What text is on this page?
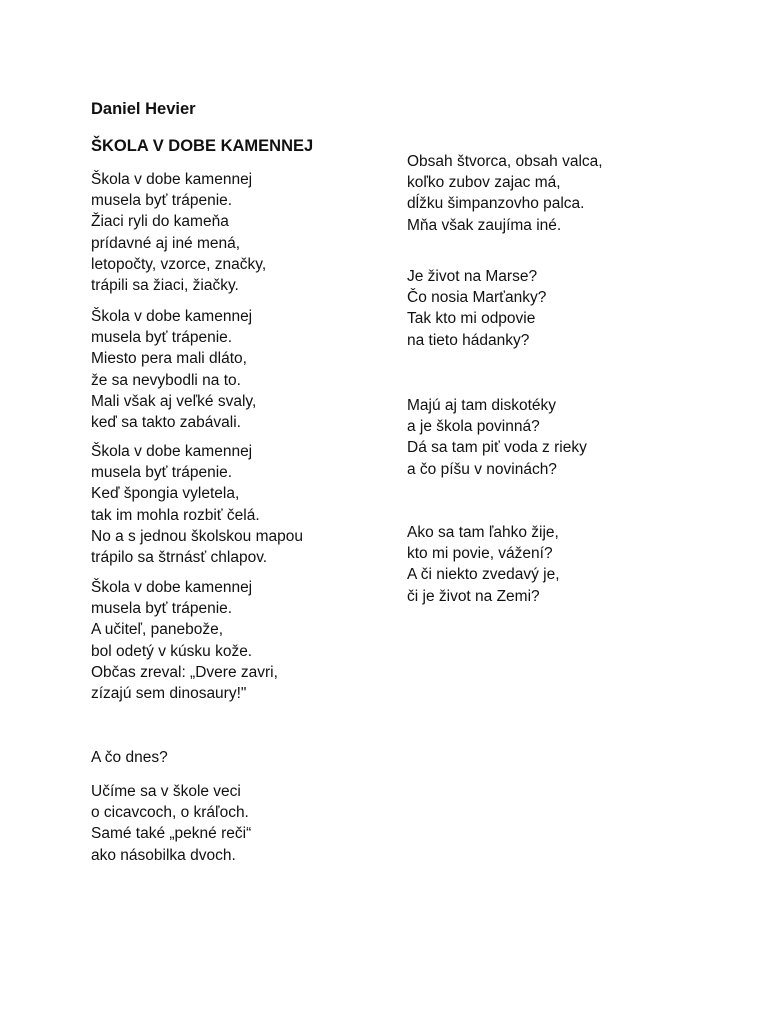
Daniel Hevier
ŠKOLA V DOBE KAMENNEJ
Škola v dobe kamennej
musela byť trápenie.
Žiaci ryli do kameňa
prídavné aj iné mená,
letopočty, vzorce, značky,
trápili sa žiaci, žiačky.
Škola v dobe kamennej
musela byť trápenie.
Miesto pera mali dláto,
že sa nevybodli na to.
Mali však aj veľké svaly,
keď sa takto zabávali.
Škola v dobe kamennej
musela byť trápenie.
Keď špongia vyletela,
tak im mohla rozbiť čelá.
No a s jednou školskou mapou
trápilo sa štrnásť chlapov.
Škola v dobe kamennej
musela byť trápenie.
A učiteľ, panebože,
bol odetý v kúsku kože.
Občas zreval: „Dvere zavri,
zízajú sem dinosaury!"
A čo dnes?
Učíme sa v škole veci
o cicavcoch, o kráľoch.
Samé také „pekné reči“
ako násobilka dvoch.
Obsah štvorca, obsah valca,
koľko zubov zajac má,
dĺžku šimpanzovho palca.
Mňa však zaujíma iné.
Je život na Marse?
Čo nosia Marťanky?
Tak kto mi odpovie
na tieto hádanky?
Majú aj tam diskotéky
a je škola povinná?
Dá sa tam piť voda z rieky
a čo píšu v novinách?
Ako sa tam ľahko žije,
kto mi povie, vážení?
A či niekto zvedavý je,
či je život na Zemi?
